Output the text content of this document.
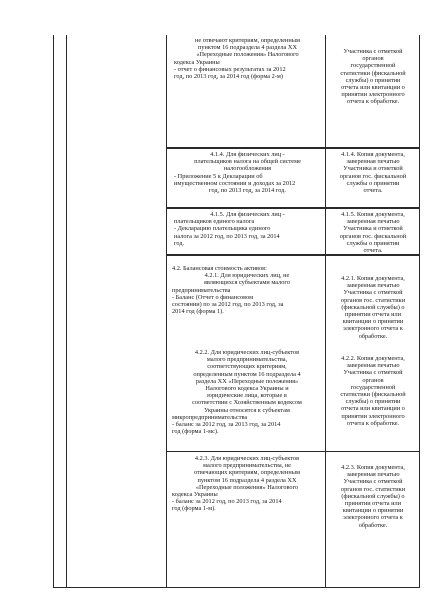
не отвечают критериям, определенным
пунктом 16 подраздела 4 раздела XX
«Переходные положения» Налогового
кодекса Украины
- отчет о финансовых результатах за 2012
год, по 2013 год, за 2014 год (форма 2-м)
4.1.4. Для физических лиц -
плательщиков налога на общей системе
налогообложения
- Приложение 5 к Декларации об
имущественном состоянии и доходах за 2012
год, по 2013 год, за 2014 год.
4.1.5. Для физических лиц -
плательщиков единого налога
- Декларацию плательщика единого
налога за 2012 год, по 2013 год, за 2014
год.
4.2. Балансовая стоимость активов:
4.2.1. Для юридических лиц, не
являющихся субъектами малого
предпринимательства
- Баланс (Отчет о финансовом
состоянии) по за 2012 год, по 2013 год, за
2014 год (форма 1).
4.2.2. Для юридических лиц-субъектов
малого предпринимательства,
соответствующих критериям,
определенным пунктом 16 подраздела 4
раздела XX «Переходные положения»
Налогового кодекса Украины и
юридические лица, которые в
соответствии с Хозяйственным кодексом
Украины относятся к субъектам
микропредпринимательства
- баланс за 2012 год, за 2013 год, за 2014
год (форма 1-мс).
4.2.3. Для юридических лиц-субъектов
малого предпринимательства, не
отвечающих критериям, определенным
пунктом 16 подраздела 4 раздела XX
«Переходные положения» Налогового
кодекса Украины
- баланс за 2012 год, по 2013 год, за 2014
год (форма 1-м).
Участника с отметкой
органов
государственной
статистики (фискальной
службы) о принятии
отчета или квитанции о
принятии электронного
отчета к обработке.
4.1.4. Копия документа,
заверенная печатью
Участника и отметкой
органов гос. фискальной
службы о принятии
отчета.
4.1.5. Копия документа,
заверенная печатью
Участника и отметкой
органов гос. фискальной
службы о принятии
отчета.
4.2.1. Копия документа,
заверенная печатью
Участника с отметкой
органов гос. статистики
(фискальной службы) о
принятии отчета или
квитанции о принятии
электронного отчета к
обработке.
4.2.2. Копия документа,
заверенная печатью
Участника с отметкой
органов
государственной
статистики (фискальной
службы) о принятии
отчета или квитанции о
принятии электронного
отчета к обработке.
4.2.3. Копия документа,
заверенная печатью
Участника с отметкой
органов гос. статистики
(фискальной службы) о
принятии отчета или
квитанции о принятии
электронного отчета к
обработке.
